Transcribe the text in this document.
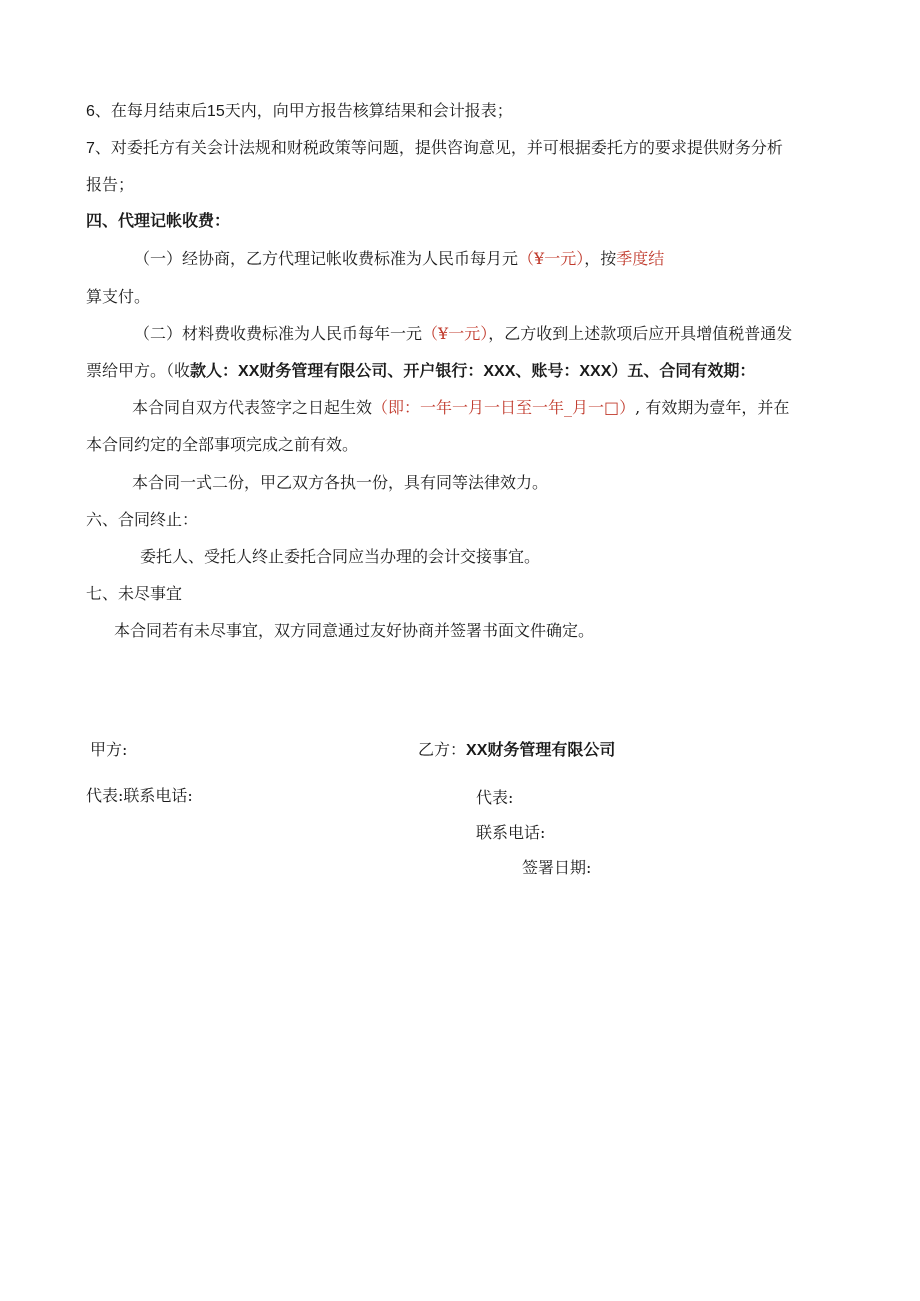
6、在每月结束后15天内，向甲方报告核算结果和会计报表；
7、对委托方有关会计法规和财税政策等问题，提供咨询意见，并可根据委托方的要求提供财务分析
报告；
四、代理记帐收费：
（一）经协商，乙方代理记帐收费标准为人民币每月元（¥一元），按季度结
算支付。
（二）材料费收费标准为人民币每年一元（¥一元），乙方收到上述款项后应开具增值税普通发
票给甲方。（收款人：XX财务管理有限公司、开户银行：XXX、账号：XXX）五、合同有效期：
本合同自双方代表签字之日起生效（即：一年一月一日至一年_月一□）, 有效期为壹年，并在
本合同约定的全部事项完成之前有效。
本合同一式二份，甲乙双方各执一份，具有同等法律效力。
六、合同终止：
委托人、受托人终止委托合同应当办理的会计交接事宜。
七、未尽事宜
本合同若有未尽事宜，双方同意通过友好协商并签署书面文件确定。
甲方:	乙方：XX财务管理有限公司
代表:联系电话:	代表:
联系电话:
签署日期:
